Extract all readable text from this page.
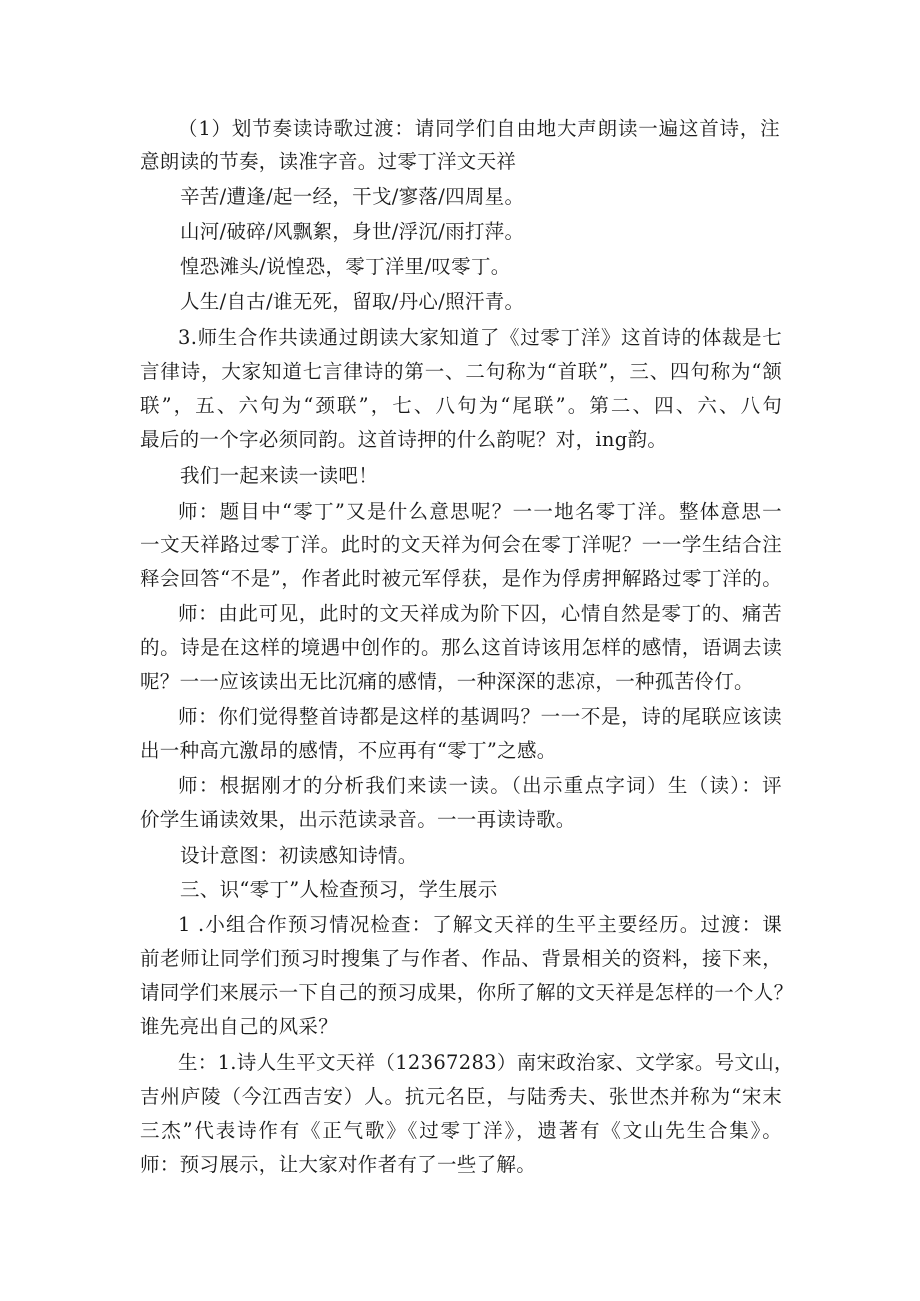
（1）划节奏读诗歌过渡：请同学们自由地大声朗读一遍这首诗，注
意朗读的节奏，读准字音。过零丁洋文天祥
辛苦/遭逢/起一经，干戈/寥落/四周星。
山河/破碎/风飘絮，身世/浮沉/雨打萍。
惶恐滩头/说惶恐，零丁洋里/叹零丁。
人生/自古/谁无死，留取/丹心/照汗青。
3.师生合作共读通过朗读大家知道了《过零丁洋》这首诗的体裁是七
言律诗，大家知道七言律诗的第一、二句称为“首联”，三、四句称为“颔
联”，五、六句为“颈联”，七、八句为“尾联”。第二、四、六、八句
最后的一个字必须同韵。这首诗押的什么韵呢？对，ing韵。
我们一起来读一读吧！
师：题目中“零丁”又是什么意思呢？一一地名零丁洋。整体意思一
一文天祥路过零丁洋。此时的文天祥为何会在零丁洋呢？一一学生结合注
释会回答“不是”，作者此时被元军俘获，是作为俘虏押解路过零丁洋的。
师：由此可见，此时的文天祥成为阶下囚，心情自然是零丁的、痛苦
的。诗是在这样的境遇中创作的。那么这首诗该用怎样的感情，语调去读
呢？一一应该读出无比沉痛的感情，一种深深的悲凉，一种孤苦伶仃。
师：你们觉得整首诗都是这样的基调吗？一一不是，诗的尾联应该读
出一种高亢激昂的感情，不应再有“零丁”之感。
师：根据刚才的分析我们来读一读。（出示重点字词）生（读）：评
价学生诵读效果，出示范读录音。一一再读诗歌。
设计意图：初读感知诗情。
三、识“零丁”人检查预习，学生展示
1 .小组合作预习情况检查：了解文天祥的生平主要经历。过渡：课
前老师让同学们预习时搜集了与作者、作品、背景相关的资料，接下来，
请同学们来展示一下自己的预习成果，你所了解的文天祥是怎样的一个人？
谁先亮出自己的风采？
生：1.诗人生平文天祥（12367283）南宋政治家、文学家。号文山，
吉州庐陵（今江西吉安）人。抗元名臣，与陆秀夫、张世杰并称为“宋末
三杰”代表诗作有《正气歌》《过零丁洋》，遗著有《文山先生合集》。
师：预习展示，让大家对作者有了一些了解。
